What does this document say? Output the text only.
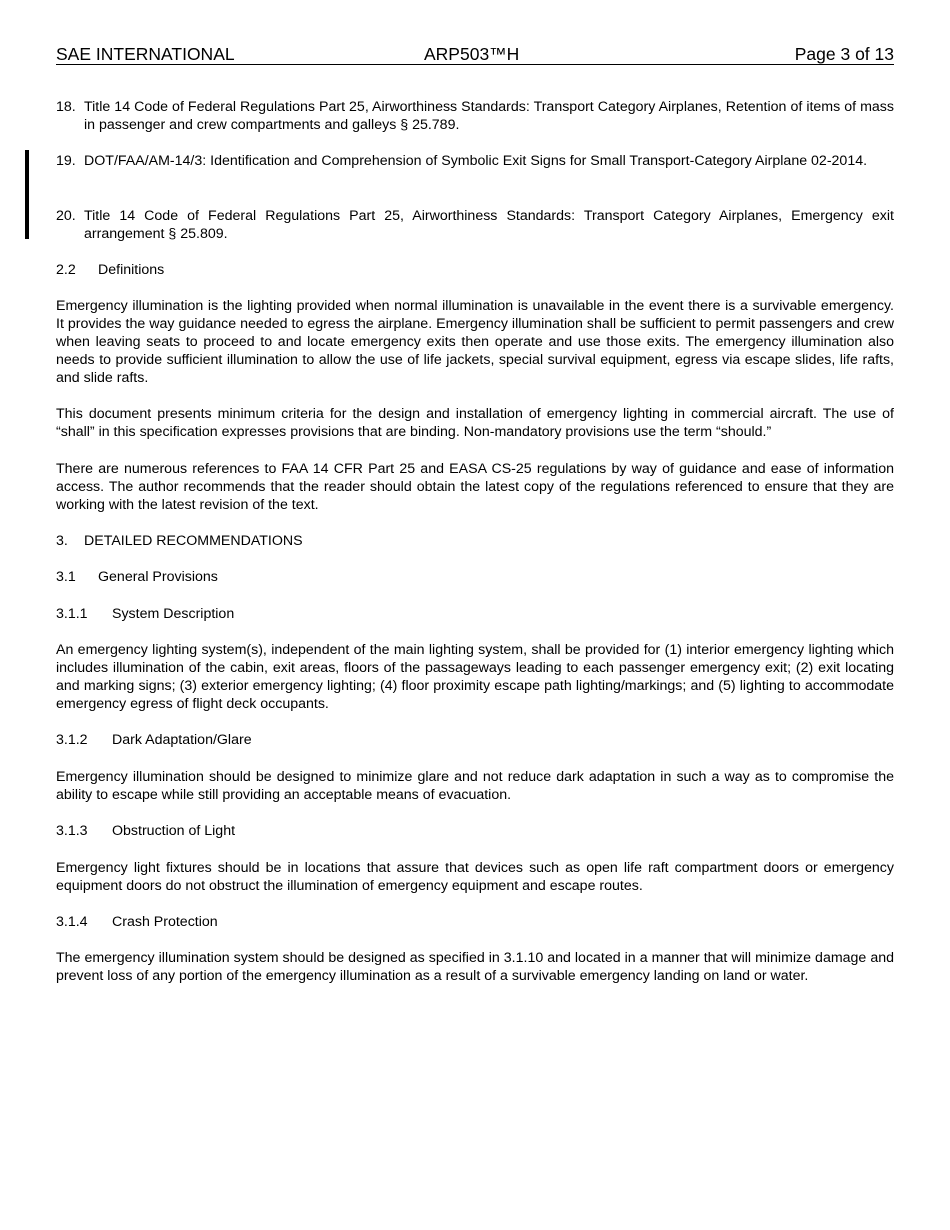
SAE INTERNATIONAL	ARP503™H	Page 3 of 13
18. Title 14 Code of Federal Regulations Part 25, Airworthiness Standards: Transport Category Airplanes, Retention of items of mass in passenger and crew compartments and galleys § 25.789.
19. DOT/FAA/AM-14/3: Identification and Comprehension of Symbolic Exit Signs for Small Transport-Category Airplane 02-2014.
20. Title 14 Code of Federal Regulations Part 25, Airworthiness Standards: Transport Category Airplanes, Emergency exit arrangement § 25.809.
2.2 Definitions
Emergency illumination is the lighting provided when normal illumination is unavailable in the event there is a survivable emergency. It provides the way guidance needed to egress the airplane. Emergency illumination shall be sufficient to permit passengers and crew when leaving seats to proceed to and locate emergency exits then operate and use those exits. The emergency illumination also needs to provide sufficient illumination to allow the use of life jackets, special survival equipment, egress via escape slides, life rafts, and slide rafts.
This document presents minimum criteria for the design and installation of emergency lighting in commercial aircraft. The use of “shall” in this specification expresses provisions that are binding. Non-mandatory provisions use the term “should.”
There are numerous references to FAA 14 CFR Part 25 and EASA CS-25 regulations by way of guidance and ease of information access. The author recommends that the reader should obtain the latest copy of the regulations referenced to ensure that they are working with the latest revision of the text.
3. DETAILED RECOMMENDATIONS
3.1 General Provisions
3.1.1 System Description
An emergency lighting system(s), independent of the main lighting system, shall be provided for (1) interior emergency lighting which includes illumination of the cabin, exit areas, floors of the passageways leading to each passenger emergency exit; (2) exit locating and marking signs; (3) exterior emergency lighting; (4) floor proximity escape path lighting/markings; and (5) lighting to accommodate emergency egress of flight deck occupants.
3.1.2 Dark Adaptation/Glare
Emergency illumination should be designed to minimize glare and not reduce dark adaptation in such a way as to compromise the ability to escape while still providing an acceptable means of evacuation.
3.1.3 Obstruction of Light
Emergency light fixtures should be in locations that assure that devices such as open life raft compartment doors or emergency equipment doors do not obstruct the illumination of emergency equipment and escape routes.
3.1.4 Crash Protection
The emergency illumination system should be designed as specified in 3.1.10 and located in a manner that will minimize damage and prevent loss of any portion of the emergency illumination as a result of a survivable emergency landing on land or water.
